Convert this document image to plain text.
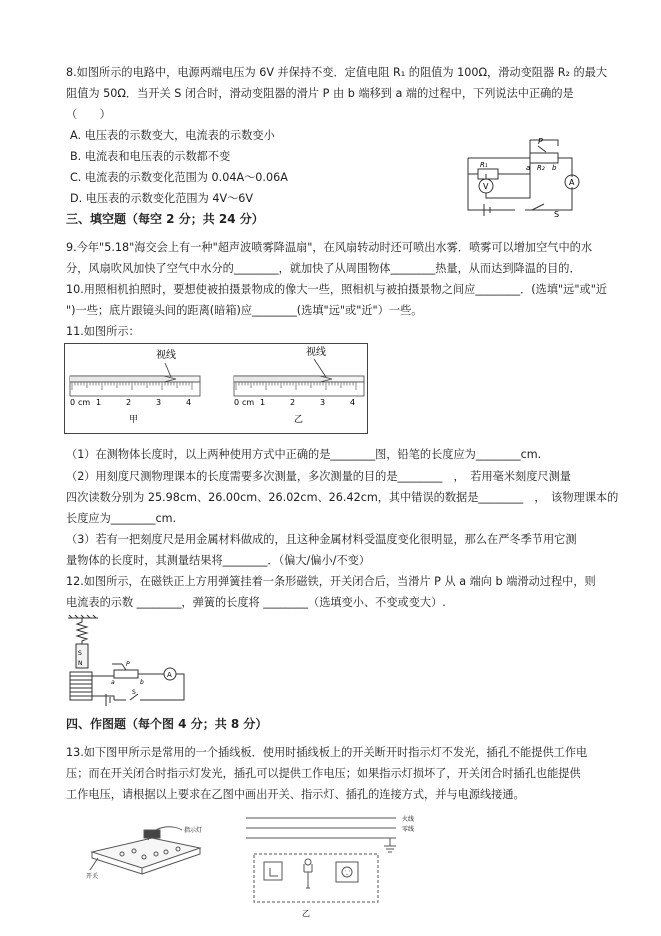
8.如图所示的电路中，电源两端电压为 6V 并保持不变．定值电阻 R₁ 的阻值为 100Ω，滑动变阻器 R₂ 的最大
阻值为 50Ω．当开关 S 闭合时，滑动变阻器的滑片 P 由 b 端移到 a 端的过程中，下列说法中正确的是
（　　）
A. 电压表的示数变大，电流表的示数变小
B. 电流表和电压表的示数都不变
C. 电流表的示数变化范围为 0.04A～0.06A
D. 电压表的示数变化范围为 4V～6V
P
R₁	a R₂ b
V	A
S
三、填空题（每空 2 分；共 24 分）
9.今年"5.18"海交会上有一种"超声波喷雾降温扇"，在风扇转动时还可喷出水雾．喷雾可以增加空气中的水
分，风扇吹风加快了空气中水分的________，就加快了从周围物体________热量，从而达到降温的目的．
10.用照相机拍照时，要想使被拍摄景物成的像大一些，照相机与被拍摄景物之间应________．(选填"远"或"近
")一些；底片跟镜头间的距离(暗箱)应________(选填"远"或"近"）一些。
11.如图所示：
视线	视线
0 cm 1	2	3	4	0 cm 1	2	3	4
甲	乙
（1）在测物体长度时，以上两种使用方式中正确的是________图，铅笔的长度应为________cm.
（2）用刻度尺测物理课本的长度需要多次测量，多次测量的目的是________　，　若用毫米刻度尺测量
四次读数分别为 25.98cm、26.00cm、26.02cm、26.42cm，其中错误的数据是________　，　该物理课本的
长度应为________cm.
（3）若有一把刻度尺是用金属材料做成的，且这种金属材料受温度变化很明显，那么在严冬季节用它测
量物体的长度时，其测量结果将________．（偏大/偏小/不变）
12.如图所示，在磁铁正上方用弹簧挂着一条形磁铁，开关闭合后，当滑片 P 从 a 端向 b 端滑动过程中，则
电流表的示数 ________，弹簧的长度将 ________（选填变小、不变或变大）.
S
N	P
a	b
A
S
四、作图题（每个图 4 分；共 8 分）
13.如下图甲所示是常用的一个插线板．使用时插线板上的开关断开时指示灯不发光，插孔不能提供工作电
压；而在开关闭合时指示灯发光，插孔可以提供工作电压；如果指示灯损坏了，开关闭合时插孔也能提供
工作电压，请根据以上要求在乙图中画出开关、指示灯、插孔的连接方式，并与电源线接通。
指示灯
开关
火线
零线
乙
